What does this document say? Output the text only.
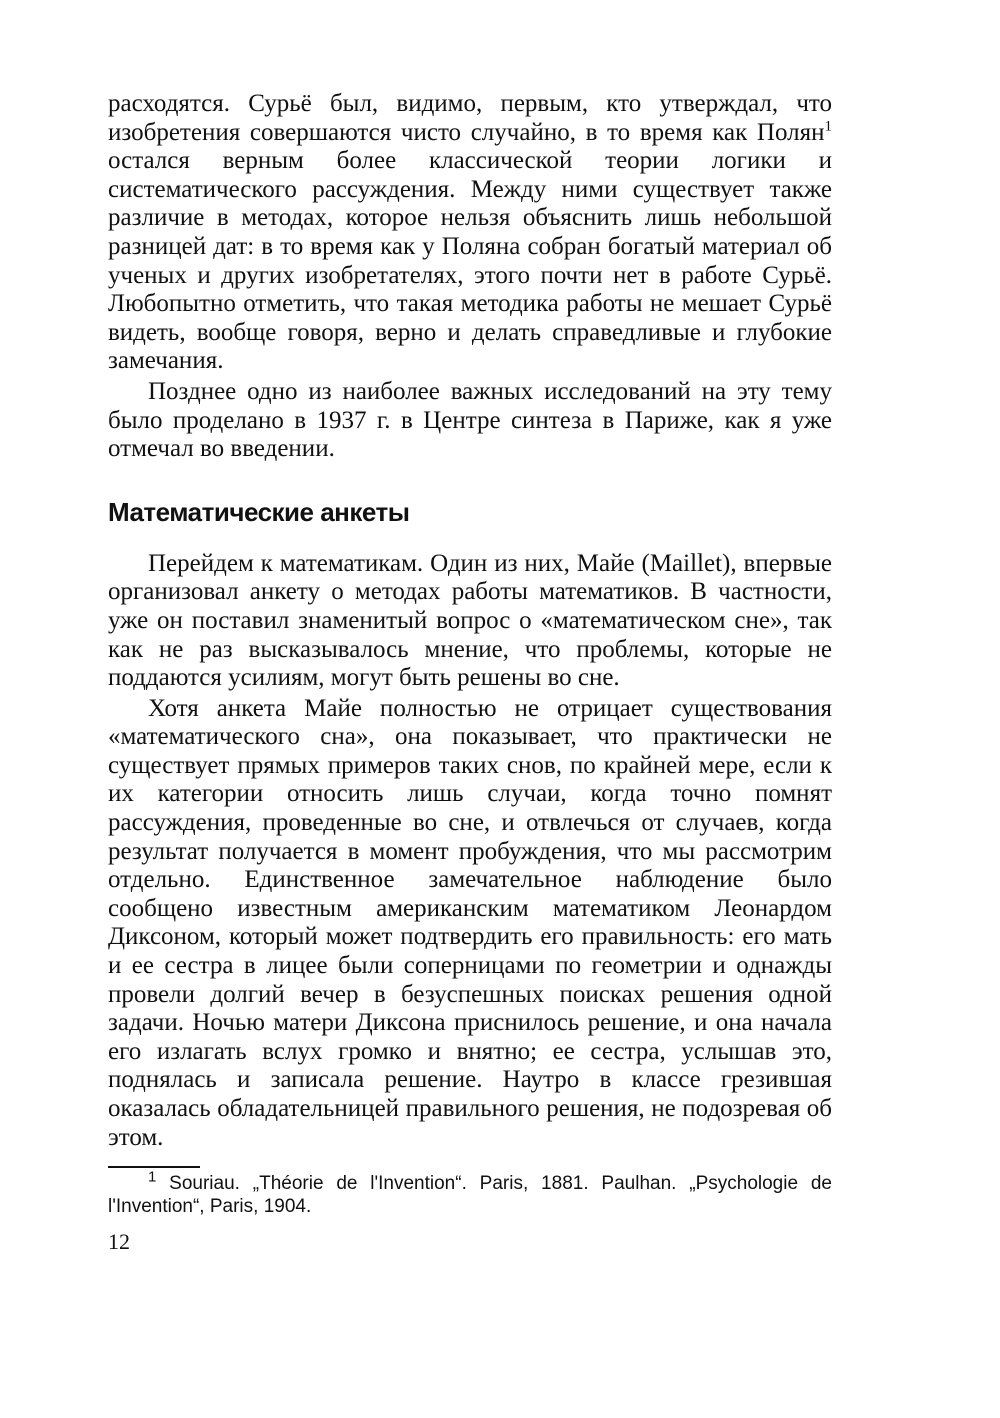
расходятся. Сурьё был, видимо, первым, кто утверждал, что изобретения совершаются чисто случайно, в то время как Полян$^1$ остался верным более классической теории логики и систематического рассуждения. Между ними существует также различие в методах, которое нельзя объяснить лишь небольшой разницей дат: в то время как у Поляна собран богатый материал об ученых и других изобретателях, этого почти нет в работе Сурьё. Любопытно отметить, что такая методика работы не мешает Сурьё видеть, вообще говоря, верно и делать справедливые и глубокие замечания.

Позднее одно из наиболее важных исследований на эту тему было проделано в 1937 г. в Центре синтеза в Париже, как я уже отмечал во введении.

Математические анкеты

Перейдем к математикам. Один из них, Майе (Maillet), впервые организовал анкету о методах работы математиков. В частности, уже он поставил знаменитый вопрос о «математическом сне», так как не раз высказывалось мнение, что проблемы, которые не поддаются усилиям, могут быть решены во сне.

Хотя анкета Майе полностью не отрицает существования «математического сна», она показывает, что практически не существует прямых примеров таких снов, по крайней мере, если к их категории относить лишь случаи, когда точно помнят рассуждения, проведенные во сне, и отвлечься от случаев, когда результат получается в момент пробуждения, что мы рассмотрим отдельно. Единственное замечательное наблюдение было сообщено известным американским математиком Леонардом Диксоном, который может подтвердить его правильность: его мать и ее сестра в лицее были соперницами по геометрии и однажды провели долгий вечер в безуспешных поисках решения одной задачи. Ночью матери Диксона приснилось решение, и она начала его излагать вслух громко и внятно; ее сестра, услышав это, поднялась и записала решение. Наутро в классе грезившая оказалась обладательницей правильного решения, не подозревая об этом.

$^1$ Souriau. „Théorie de l'Invention“. Paris, 1881. Paulhan. „Psychologie de l'Invention“, Paris, 1904.

12
